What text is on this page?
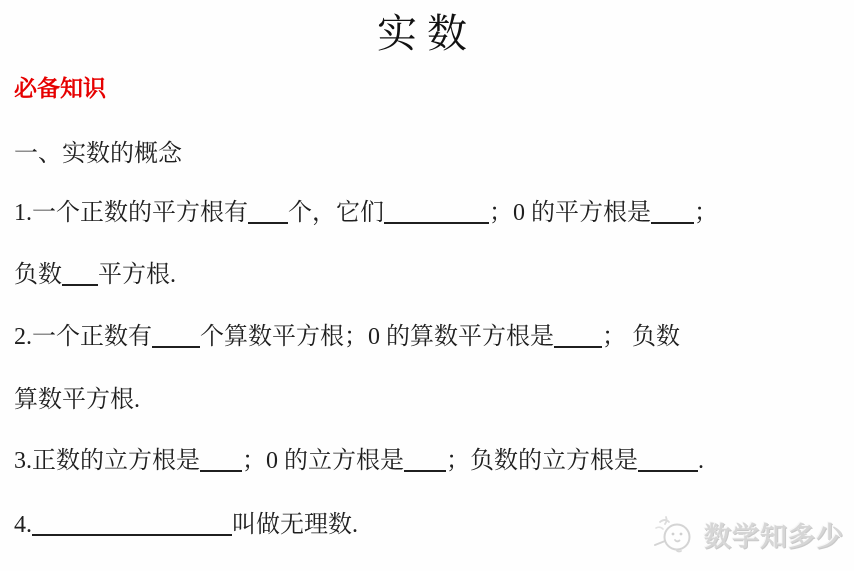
实数
必备知识
一、实数的概念
1.一个正数的平方根有 个，它们	；0 的平方根是 ；
负数 平方根.
2.一个正数有 个算数平方根；0 的算数平方根是 ； 负数
算数平方根.
3.正数的立方根是 ；0 的立方根是 ；负数的立方根是	.
4.	叫做无理数.	数学知多少
